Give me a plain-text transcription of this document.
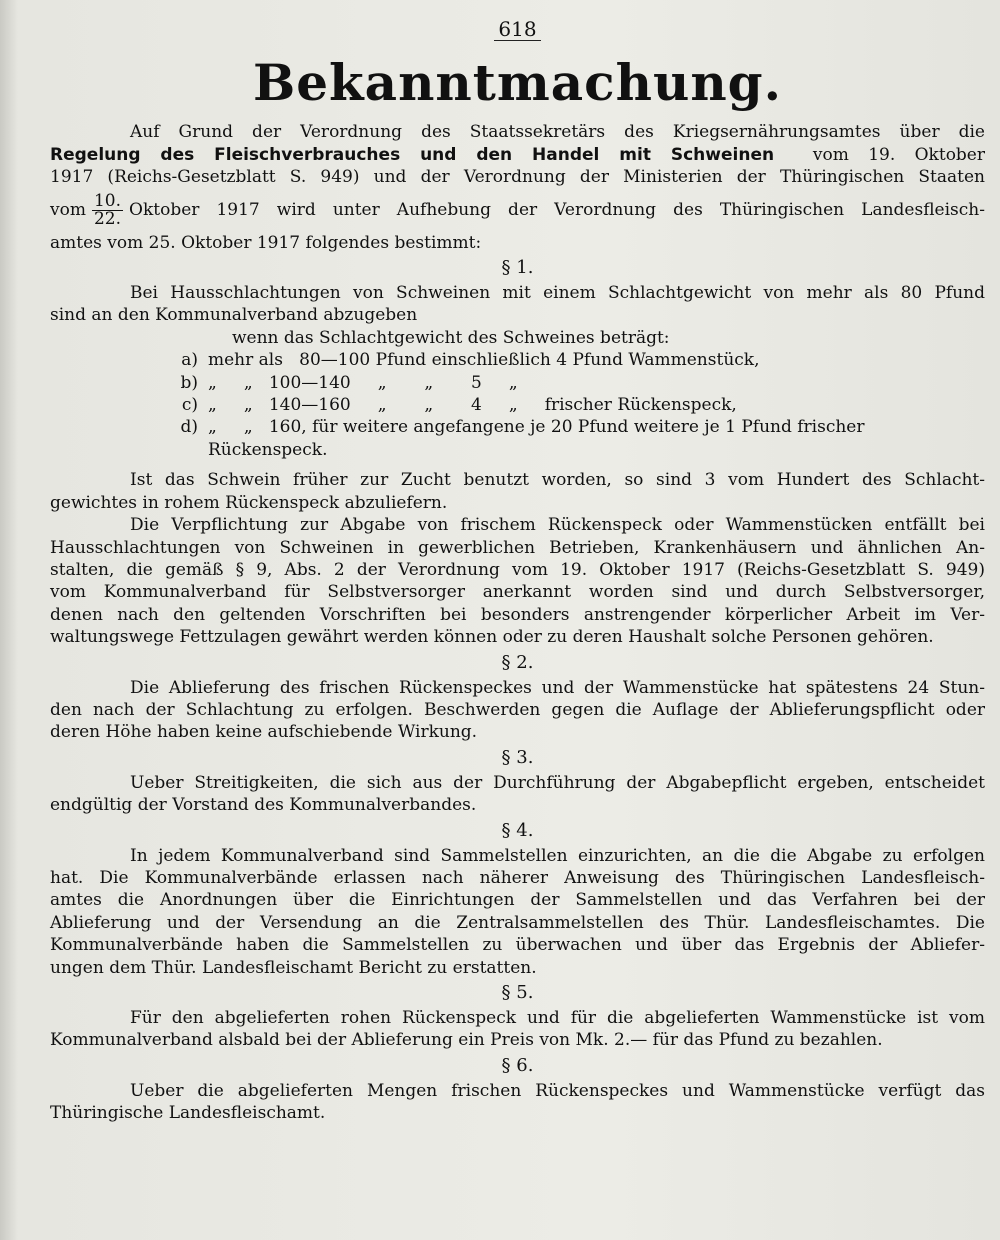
618
Bekanntmachung.
Auf Grund der Verordnung des Staatssekretärs des Kriegsernährungsamtes über die
Regelung des Fleischverbrauches und den Handel mit Schweinen vom 19. Oktober
1917 (Reichs-Gesetzblatt S. 949) und der Verordnung der Ministerien der Thüringischen Staaten
vom $\frac{10.}{22.}$ Oktober 1917 wird unter Aufhebung der Verordnung des Thüringischen Landesfleisch-
amtes vom 25. Oktober 1917 folgendes bestimmt:
§ 1.
Bei Hausschlachtungen von Schweinen mit einem Schlachtgewicht von mehr als 80 Pfund
sind an den Kommunalverband abzugeben
wenn das Schlachtgewicht des Schweines beträgt:
a) mehr als   80—100 Pfund einschließlich 4 Pfund Wammenstück,
b) „     „   100—140     „       „       5     „
c) „     „   140—160     „       „       4     „     frischer Rückenspeck,
d) „     „   160, für weitere angefangene je 20 Pfund weitere je 1 Pfund frischer
Rückenspeck.
Ist das Schwein früher zur Zucht benutzt worden, so sind 3 vom Hundert des Schlacht-
gewichtes in rohem Rückenspeck abzuliefern.
Die Verpflichtung zur Abgabe von frischem Rückenspeck oder Wammenstücken entfällt bei
Hausschlachtungen von Schweinen in gewerblichen Betrieben, Krankenhäusern und ähnlichen An-
stalten, die gemäß § 9, Abs. 2 der Verordnung vom 19. Oktober 1917 (Reichs-Gesetzblatt S. 949)
vom Kommunalverband für Selbstversorger anerkannt worden sind und durch Selbstversorger,
denen nach den geltenden Vorschriften bei besonders anstrengender körperlicher Arbeit im Ver-
waltungswege Fettzulagen gewährt werden können oder zu deren Haushalt solche Personen gehören.
§ 2.
Die Ablieferung des frischen Rückenspeckes und der Wammenstücke hat spätestens 24 Stun-
den nach der Schlachtung zu erfolgen. Beschwerden gegen die Auflage der Ablieferungspflicht oder
deren Höhe haben keine aufschiebende Wirkung.
§ 3.
Ueber Streitigkeiten, die sich aus der Durchführung der Abgabepflicht ergeben, entscheidet
endgültig der Vorstand des Kommunalverbandes.
§ 4.
In jedem Kommunalverband sind Sammelstellen einzurichten, an die die Abgabe zu erfolgen
hat. Die Kommunalverbände erlassen nach näherer Anweisung des Thüringischen Landesfleisch-
amtes die Anordnungen über die Einrichtungen der Sammelstellen und das Verfahren bei der
Ablieferung und der Versendung an die Zentralsammelstellen des Thür. Landesfleischamtes. Die
Kommunalverbände haben die Sammelstellen zu überwachen und über das Ergebnis der Abliefer-
ungen dem Thür. Landesfleischamt Bericht zu erstatten.
§ 5.
Für den abgelieferten rohen Rückenspeck und für die abgelieferten Wammenstücke ist vom
Kommunalverband alsbald bei der Ablieferung ein Preis von Mk. 2.— für das Pfund zu bezahlen.
§ 6.
Ueber die abgelieferten Mengen frischen Rückenspeckes und Wammenstücke verfügt das
Thüringische Landesfleischamt.
